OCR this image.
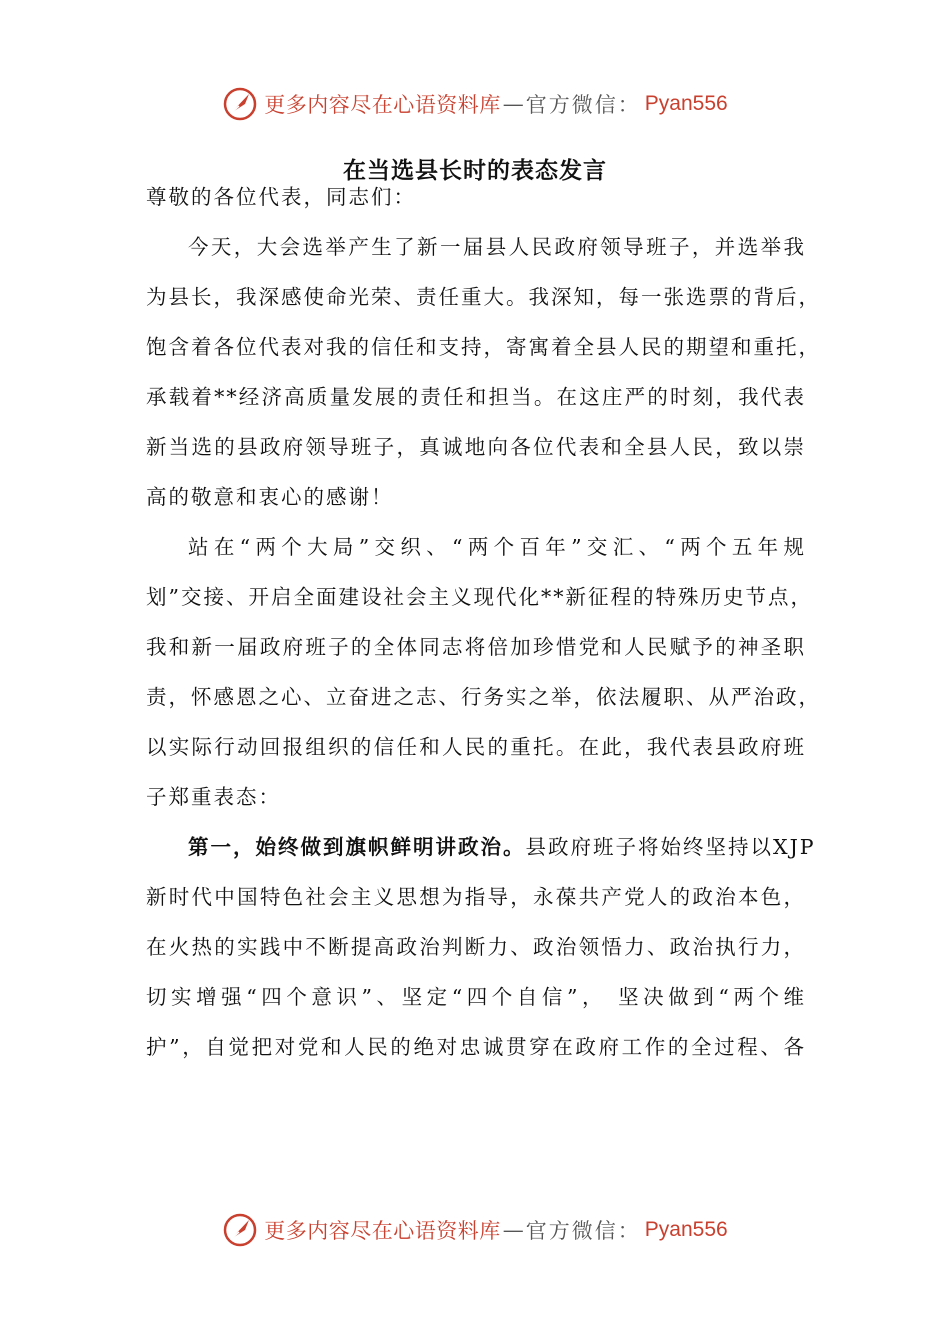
更多内容尽在心语资料库 — 官方微信： Pyan556
在当选县长时的表态发言
尊敬的各位代表，同志们：
今天，大会选举产生了新一届县人民政府领导班子，并选举我
为县长，我深感使命光荣、责任重大。我深知，每一张选票的背后，
饱含着各位代表对我的信任和支持，寄寓着全县人民的期望和重托，
承载着**经济高质量发展的责任和担当。在这庄严的时刻，我代表
新当选的县政府领导班子，真诚地向各位代表和全县人民，致以崇
高的敬意和衷心的感谢！
站在“两个大局”交织、“两个百年”交汇、“两个五年规
划”交接、开启全面建设社会主义现代化**新征程的特殊历史节点，
我和新一届政府班子的全体同志将倍加珍惜党和人民赋予的神圣职
责，怀感恩之心、立奋进之志、行务实之举，依法履职、从严治政，
以实际行动回报组织的信任和人民的重托。在此，我代表县政府班
子郑重表态：
第一，始终做到旗帜鲜明讲政治。县政府班子将始终坚持以XJP
新时代中国特色社会主义思想为指导，永葆共产党人的政治本色，
在火热的实践中不断提高政治判断力、政治领悟力、政治执行力，
切实增强“四个意识”、坚定“四个自信”， 坚决做到“两个维
护”，自觉把对党和人民的绝对忠诚贯穿在政府工作的全过程、各
更多内容尽在心语资料库 — 官方微信： Pyan556
